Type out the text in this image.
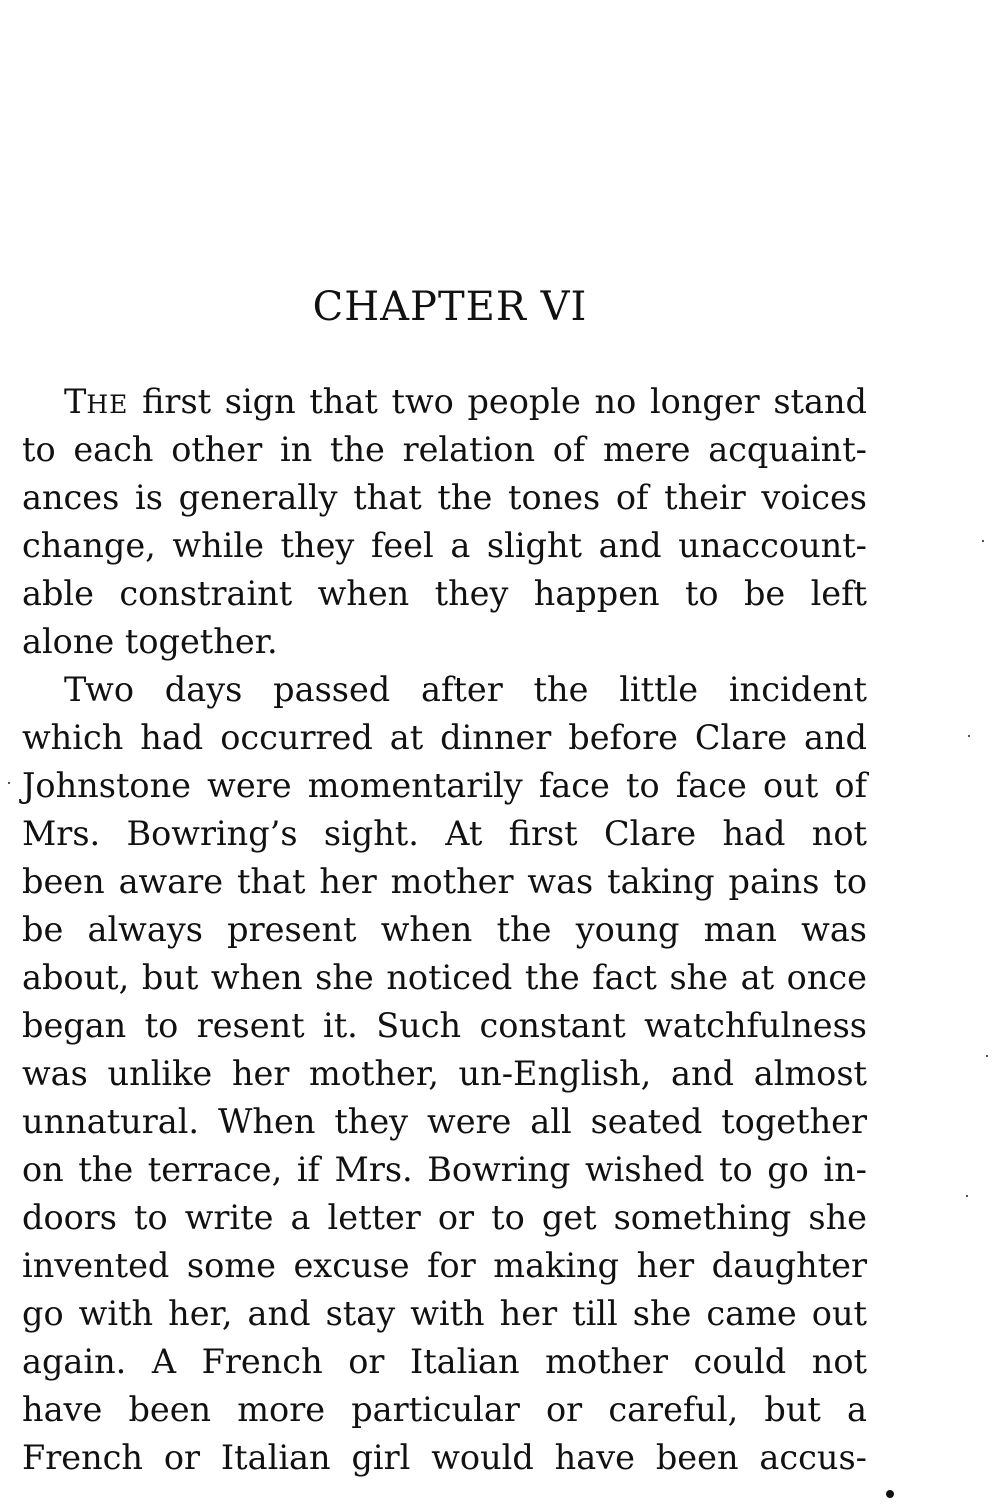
CHAPTER VI
THE first sign that two people no longer stand
to each other in the relation of mere acquaint-
ances is generally that the tones of their voices
change, while they feel a slight and unaccount-
able constraint when they happen to be left
alone together.
Two days passed after the little incident
which had occurred at dinner before Clare and
Johnstone were momentarily face to face out of
Mrs. Bowring’s sight. At first Clare had not
been aware that her mother was taking pains to
be always present when the young man was
about, but when she noticed the fact she at once
began to resent it. Such constant watchfulness
was unlike her mother, un-English, and almost
unnatural. When they were all seated together
on the terrace, if Mrs. Bowring wished to go in-
doors to write a letter or to get something she
invented some excuse for making her daughter
go with her, and stay with her till she came out
again. A French or Italian mother could not
have been more particular or careful, but a
French or Italian girl would have been accus-
